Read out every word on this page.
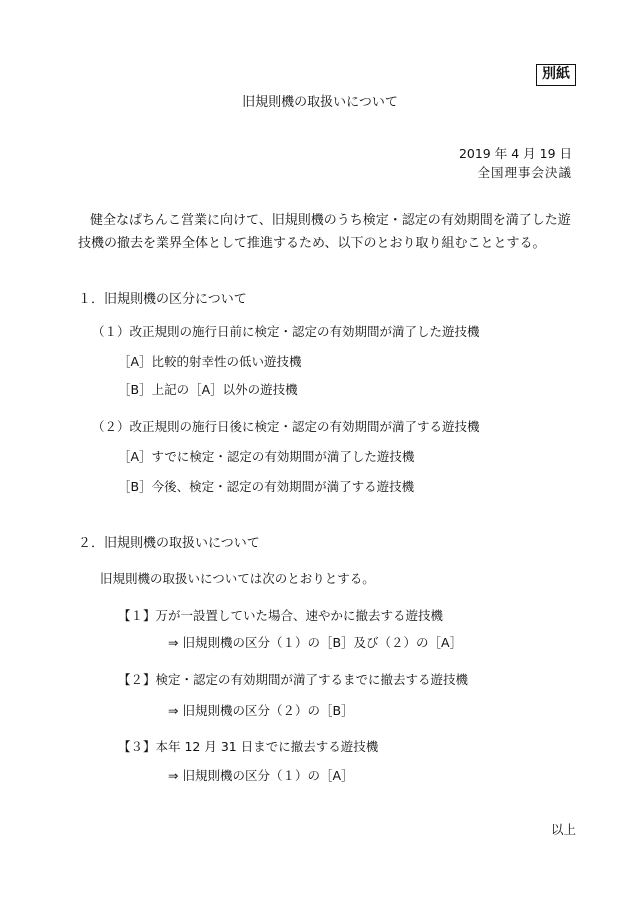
別紙
旧規則機の取扱いについて
2019 年 4 月 19 日
全国理事会決議
健全なぱちんこ営業に向けて、旧規則機のうち検定・認定の有効期間を満了した遊技機の撤去を業界全体として推進するため、以下のとおり取り組むこととする。
１．旧規則機の区分について
（１）改正規則の施行日前に検定・認定の有効期間が満了した遊技機
［A］比較的射幸性の低い遊技機
［B］上記の［A］以外の遊技機
（２）改正規則の施行日後に検定・認定の有効期間が満了する遊技機
［A］すでに検定・認定の有効期間が満了した遊技機
［B］今後、検定・認定の有効期間が満了する遊技機
２．旧規則機の取扱いについて
旧規則機の取扱いについては次のとおりとする。
【１】万が一設置していた場合、速やかに撤去する遊技機
⇒ 旧規則機の区分（１）の［B］及び（２）の［A］
【２】検定・認定の有効期間が満了するまでに撤去する遊技機
⇒ 旧規則機の区分（２）の［B］
【３】本年 12 月 31 日までに撤去する遊技機
⇒ 旧規則機の区分（１）の［A］
以上
